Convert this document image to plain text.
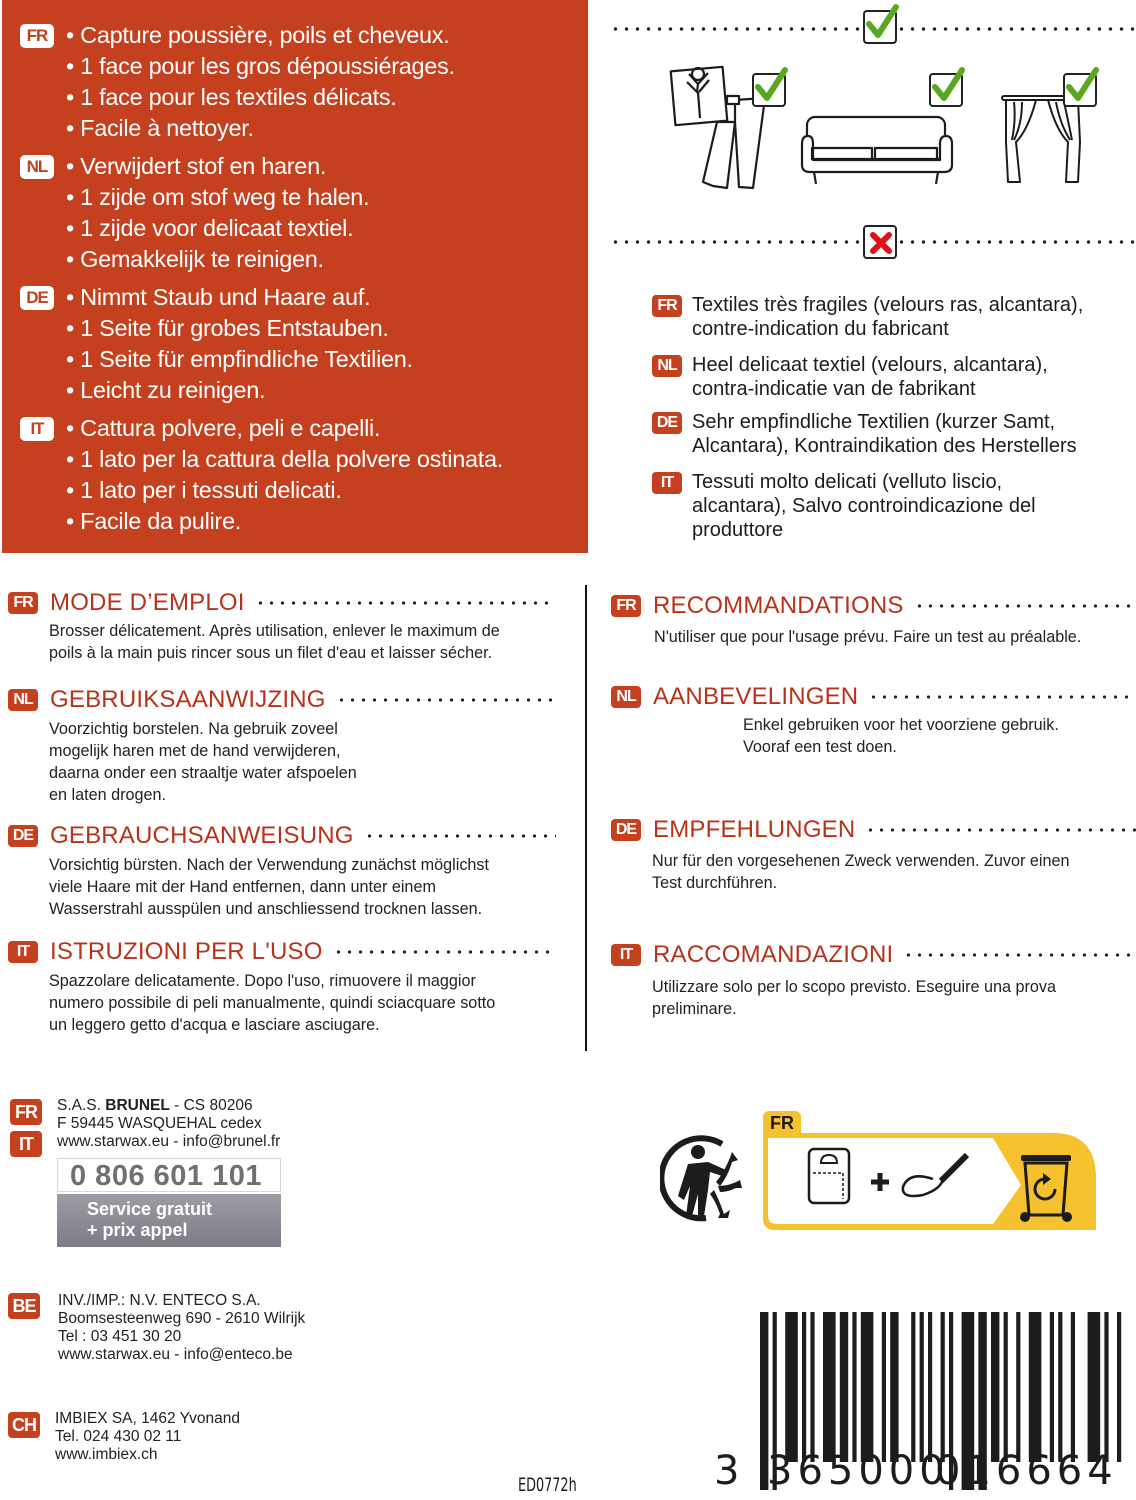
FR • Capture poussière, poils et cheveux.
• 1 face pour les gros dépoussiérages.
• 1 face pour les textiles délicats.
• Facile à nettoyer.
NL • Verwijdert stof en haren.
• 1 zijde om stof weg te halen.
• 1 zijde voor delicaat textiel.
• Gemakkelijk te reinigen.
DE • Nimmt Staub und Haare auf.
• 1 Seite für grobes Entstauben.
• 1 Seite für empfindliche Textilien.
• Leicht zu reinigen.
IT • Cattura polvere, peli e capelli.
• 1 lato per la cattura della polvere ostinata.
• 1 lato per i tessuti delicati.
• Facile da pulire.
FR Textiles très fragiles (velours ras, alcantara),
contre-indication du fabricant
NL Heel delicaat textiel (velours, alcantara),
contra-indicatie van de fabrikant
DE Sehr empfindliche Textilien (kurzer Samt,
Alcantara), Kontraindikation des Herstellers
IT Tessuti molto delicati (velluto liscio,
alcantara), Salvo controindicazione del
produttore
FR MODE D’EMPLOI
Brosser délicatement. Après utilisation, enlever le maximum de
poils à la main puis rincer sous un filet d'eau et laisser sécher.
NL GEBRUIKSAANWIJZING
Voorzichtig borstelen. Na gebruik zoveel
mogelijk haren met de hand verwijderen,
daarna onder een straaltje water afspoelen
en laten drogen.
DE GEBRAUCHSANWEISUNG
Vorsichtig bürsten. Nach der Verwendung zunächst möglichst
viele Haare mit der Hand entfernen, dann unter einem
Wasserstrahl ausspülen und anschliessend trocknen lassen.
IT ISTRUZIONI PER L'USO
Spazzolare delicatamente. Dopo l'uso, rimuovere il maggior
numero possibile di peli manualmente, quindi sciacquare sotto
un leggero getto d'acqua e lasciare asciugare.
FR RECOMMANDATIONS
N'utiliser que pour l'usage prévu. Faire un test au préalable.
NL AANBEVELINGEN
Enkel gebruiken voor het voorziene gebruik.
Vooraf een test doen.
DE EMPFEHLUNGEN
Nur für den vorgesehenen Zweck verwenden. Zuvor einen
Test durchführen.
IT RACCOMANDAZIONI
Utilizzare solo per lo scopo previsto. Eseguire una prova
preliminare.
FR
IT
S.A.S. BRUNEL - CS 80206
F 59445 WASQUEHAL cedex
www.starwax.eu - info@brunel.fr
0 806 601 101
Service gratuit
+ prix appel
BE INV./IMP.: N.V. ENTECO S.A.
Boomsesteenweg 690 - 2610 Wilrijk
Tel : 03 451 30 20
www.starwax.eu - info@enteco.be
CH IMBIEX SA, 1462 Yvonand
Tel. 024 430 02 11
www.imbiex.ch
FR
3 365000
016664
ED0772h
